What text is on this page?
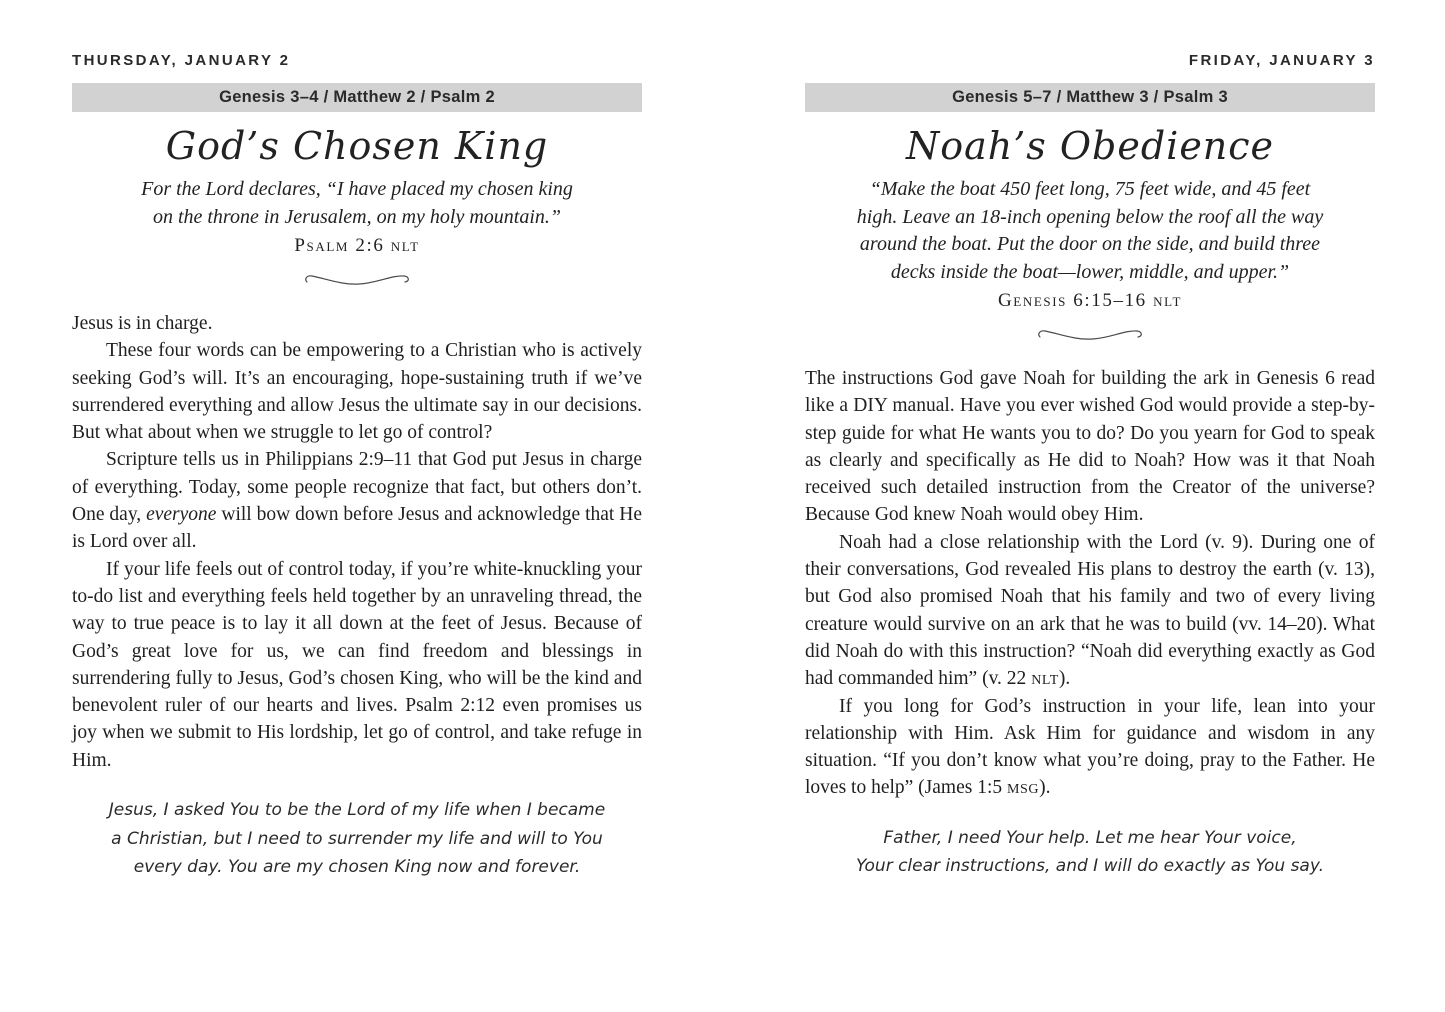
THURSDAY, JANUARY 2
Genesis 3–4 / Matthew 2 / Psalm 2
God’s Chosen King
For the Lord declares, “I have placed my chosen king
on the throne in Jerusalem, on my holy mountain.”
Psalm 2:6 nlt

Jesus is in charge.

These four words can be empowering to a Christian who is actively seeking God’s will. It’s an encouraging, hope-sustaining truth if we’ve surrendered everything and allow Jesus the ultimate say in our decisions. But what about when we struggle to let go of control?

Scripture tells us in Philippians 2:9–11 that God put Jesus in charge of everything. Today, some people recognize that fact, but others don’t. One day, everyone will bow down before Jesus and acknowledge that He is Lord over all.

If your life feels out of control today, if you’re white-knuckling your to-do list and everything feels held together by an unraveling thread, the way to true peace is to lay it all down at the feet of Jesus. Because of God’s great love for us, we can find freedom and blessings in surrendering fully to Jesus, God’s chosen King, who will be the kind and benevolent ruler of our hearts and lives. Psalm 2:12 even promises us joy when we submit to His lordship, let go of control, and take refuge in Him.

Jesus, I asked You to be the Lord of my life when I became
a Christian, but I need to surrender my life and will to You
every day. You are my chosen King now and forever.
FRIDAY, JANUARY 3
Genesis 5–7 / Matthew 3 / Psalm 3
Noah’s Obedience
“Make the boat 450 feet long, 75 feet wide, and 45 feet
high. Leave an 18-inch opening below the roof all the way
around the boat. Put the door on the side, and build three
decks inside the boat—lower, middle, and upper.”
Genesis 6:15–16 nlt

The instructions God gave Noah for building the ark in Genesis 6 read like a DIY manual. Have you ever wished God would provide a step-by-step guide for what He wants you to do? Do you yearn for God to speak as clearly and specifically as He did to Noah? How was it that Noah received such detailed instruction from the Creator of the universe? Because God knew Noah would obey Him.

Noah had a close relationship with the Lord (v. 9). During one of their conversations, God revealed His plans to destroy the earth (v. 13), but God also promised Noah that his family and two of every living creature would survive on an ark that he was to build (vv. 14–20). What did Noah do with this instruction? “Noah did everything exactly as God had commanded him” (v. 22 nlt).

If you long for God’s instruction in your life, lean into your relationship with Him. Ask Him for guidance and wisdom in any situation. “If you don’t know what you’re doing, pray to the Father. He loves to help” (James 1:5 msg).

Father, I need Your help. Let me hear Your voice,
Your clear instructions, and I will do exactly as You say.
